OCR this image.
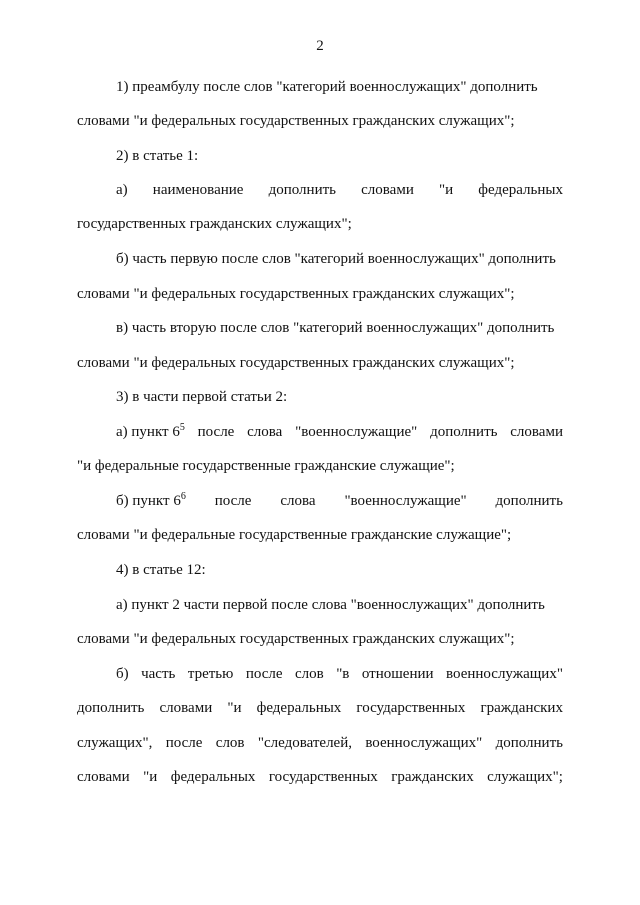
2
1) преамбулу после слов "категорий военнослужащих" дополнить
словами "и федеральных государственных гражданских служащих";
2) в статье 1:
а) наименование дополнить словами "и федеральных
государственных гражданских служащих";
б) часть первую после слов "категорий военнослужащих" дополнить
словами "и федеральных государственных гражданских служащих";
в) часть вторую после слов "категорий военнослужащих" дополнить
словами "и федеральных государственных гражданских служащих";
3) в части первой статьи 2:
а) пункт $6^5$ после слова "военнослужащие" дополнить словами
"и федеральные государственные гражданские служащие";
б) пункт $6^6$ после слова "военнослужащие" дополнить
словами "и федеральные государственные гражданские служащие";
4) в статье 12:
а) пункт 2 части первой после слова "военнослужащих" дополнить
словами "и федеральных государственных гражданских служащих";
б) часть третью после слов "в отношении военнослужащих"
дополнить словами "и федеральных государственных гражданских
служащих", после слов "следователей, военнослужащих" дополнить
словами "и федеральных государственных гражданских служащих";
